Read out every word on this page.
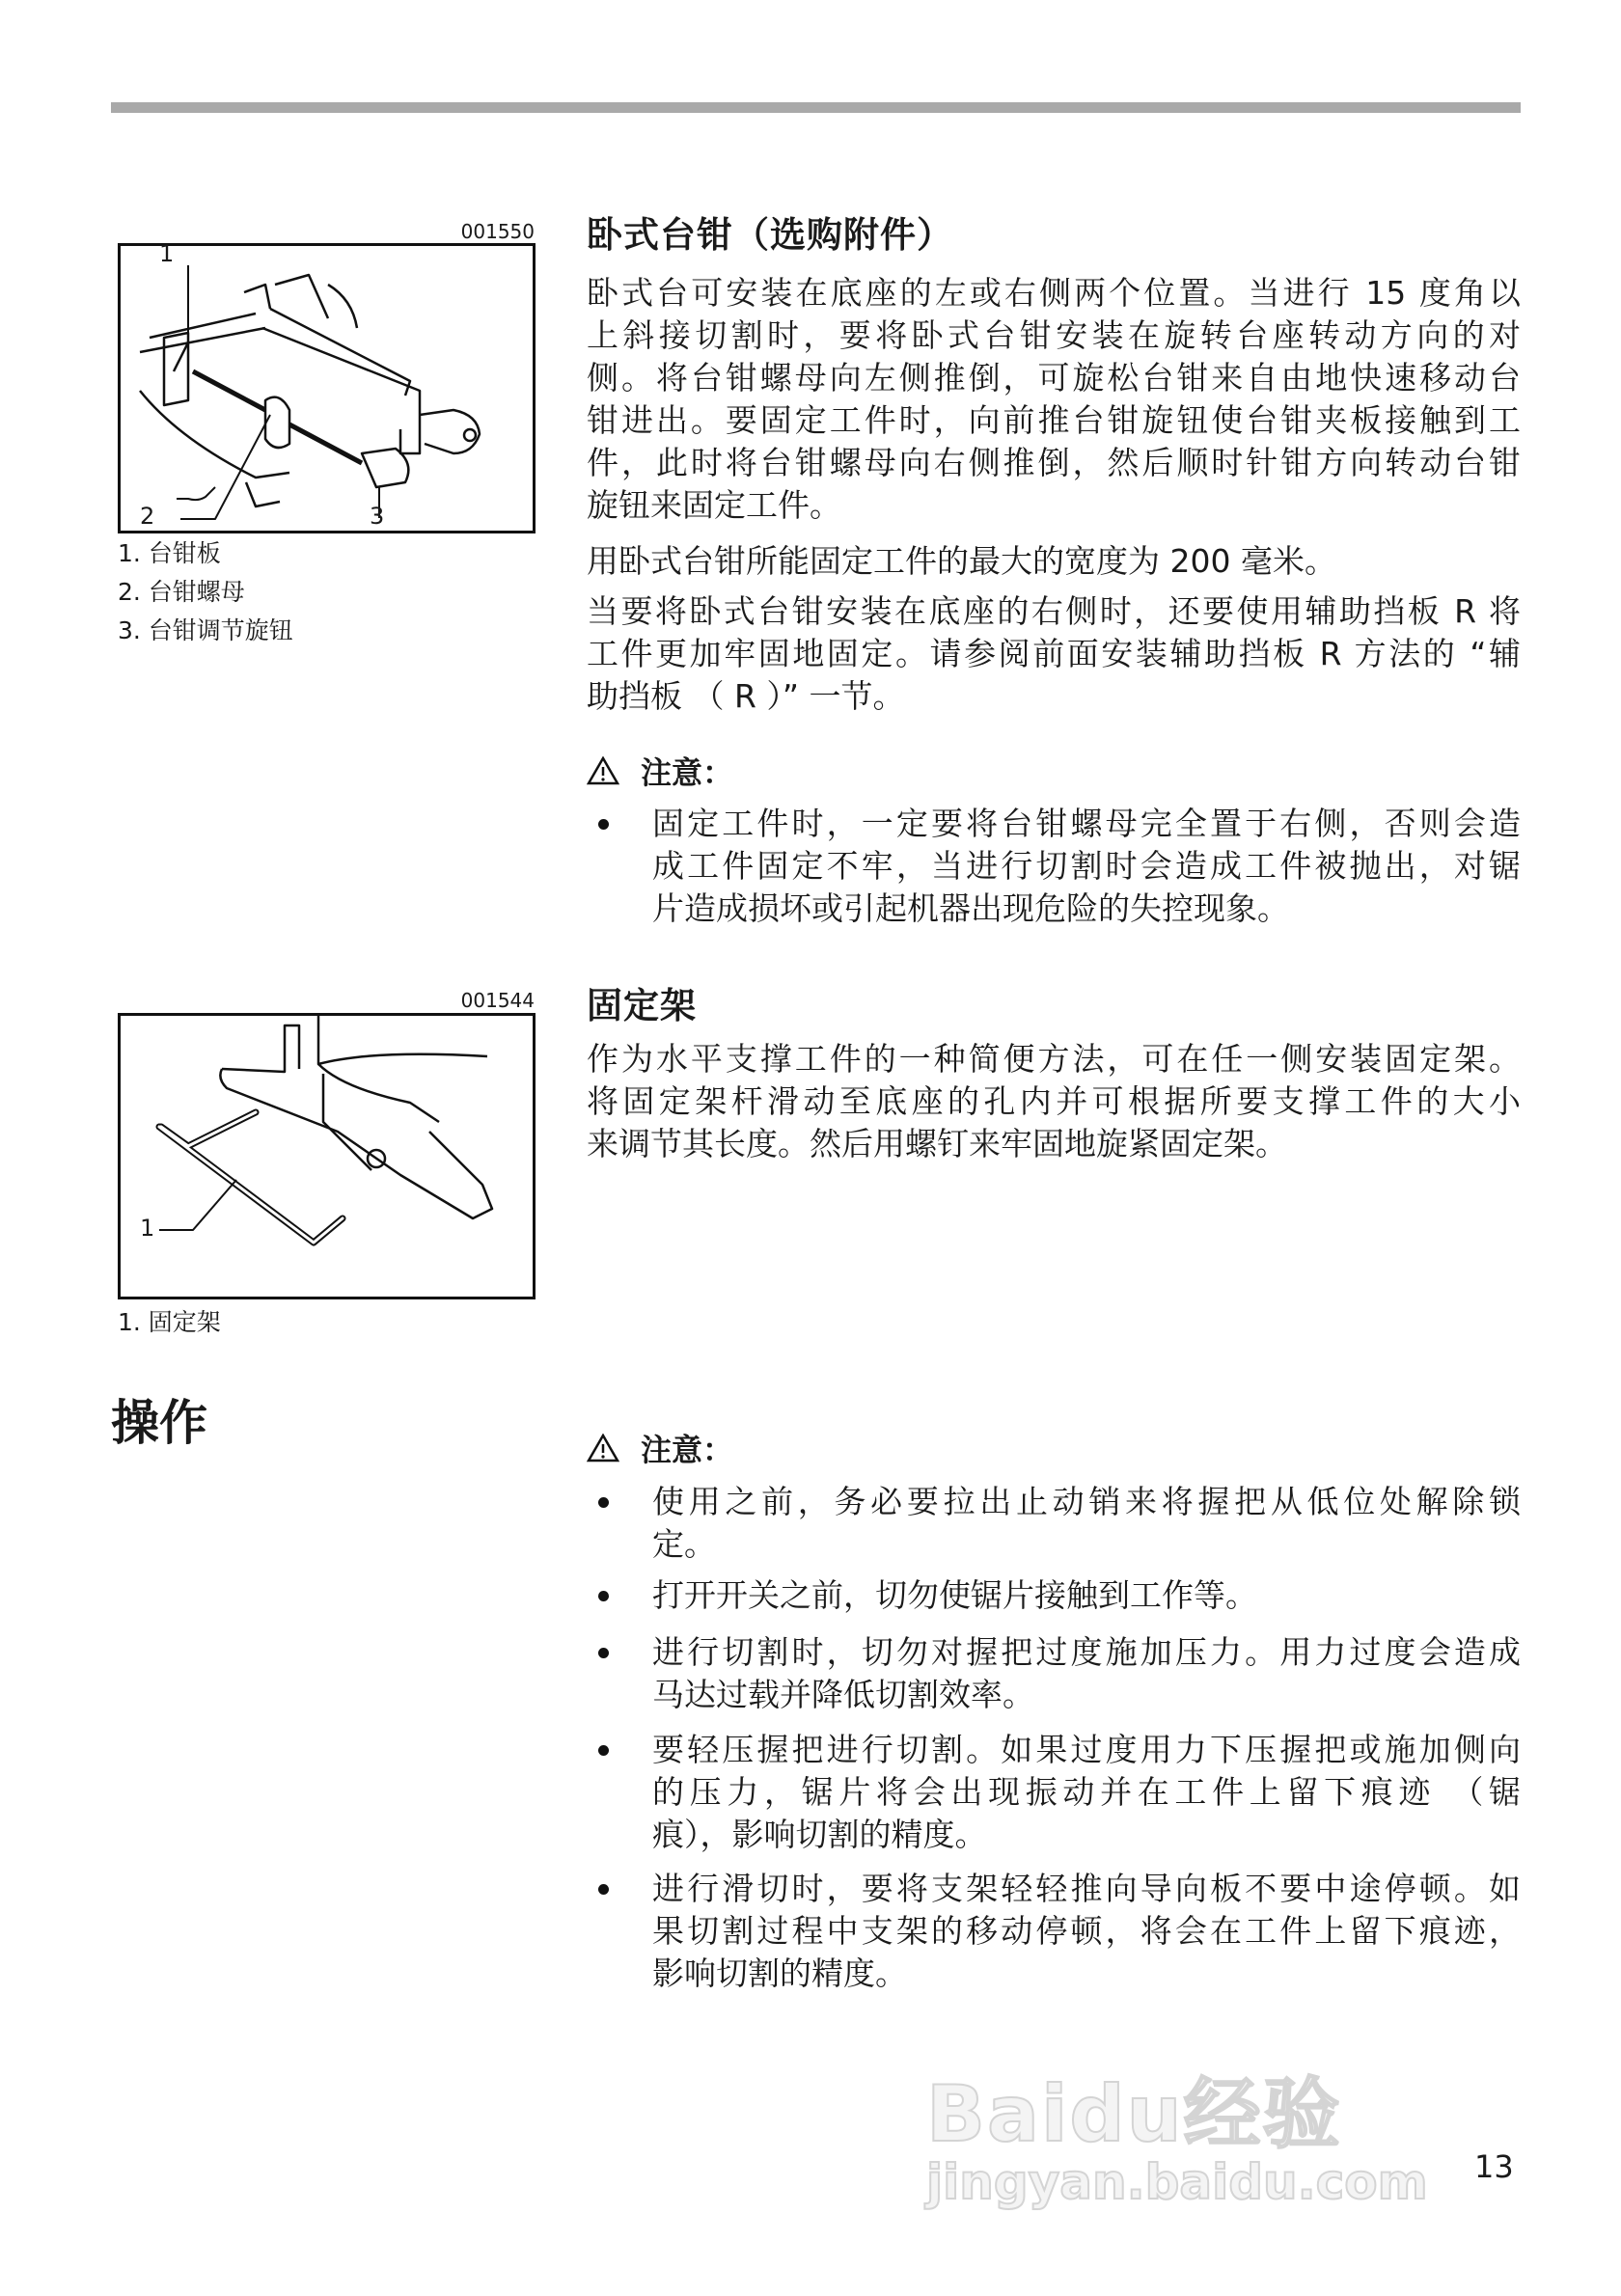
卧式台钳（选购附件）
卧式台可安装在底座的左或右侧两个位置。当进行 15 度角以
上斜接切割时，要将卧式台钳安装在旋转台座转动方向的对
侧。将台钳螺母向左侧推倒，可旋松台钳来自由地快速移动台
钳进出。要固定工件时，向前推台钳旋钮使台钳夹板接触到工
件，此时将台钳螺母向右侧推倒，然后顺时针钳方向转动台钳
旋钮来固定工件。
用卧式台钳所能固定工件的最大的宽度为 200 毫米。
当要将卧式台钳安装在底座的右侧时，还要使用辅助挡板 R 将
工件更加牢固地固定。请参阅前面安装辅助挡板 R 方法的 “辅
助挡板 （ R ）” 一节。
注意：
固定工件时，一定要将台钳螺母完全置于右侧，否则会造
成工件固定不牢，当进行切割时会造成工件被抛出，对锯
片造成损坏或引起机器出现危险的失控现象。
001550
1
2	3
1. 台钳板
2. 台钳螺母
3. 台钳调节旋钮
固定架
作为水平支撑工件的一种简便方法，可在任一侧安装固定架。
将固定架杆滑动至底座的孔内并可根据所要支撑工件的大小
来调节其长度。然后用螺钉来牢固地旋紧固定架。
001544
1
1. 固定架
操作	注意：
使用之前，务必要拉出止动销来将握把从低位处解除锁
定。
打开开关之前，切勿使锯片接触到工作等。
进行切割时，切勿对握把过度施加压力。用力过度会造成
马达过载并降低切割效率。
要轻压握把进行切割。如果过度用力下压握把或施加侧向
的压力，锯片将会出现振动并在工件上留下痕迹 （锯
痕），影响切割的精度。
进行滑切时，要将支架轻轻推向导向板不要中途停顿。如
果切割过程中支架的移动停顿，将会在工件上留下痕迹，
影响切割的精度。
Baidu经验
jingyan.baidu.com	13
